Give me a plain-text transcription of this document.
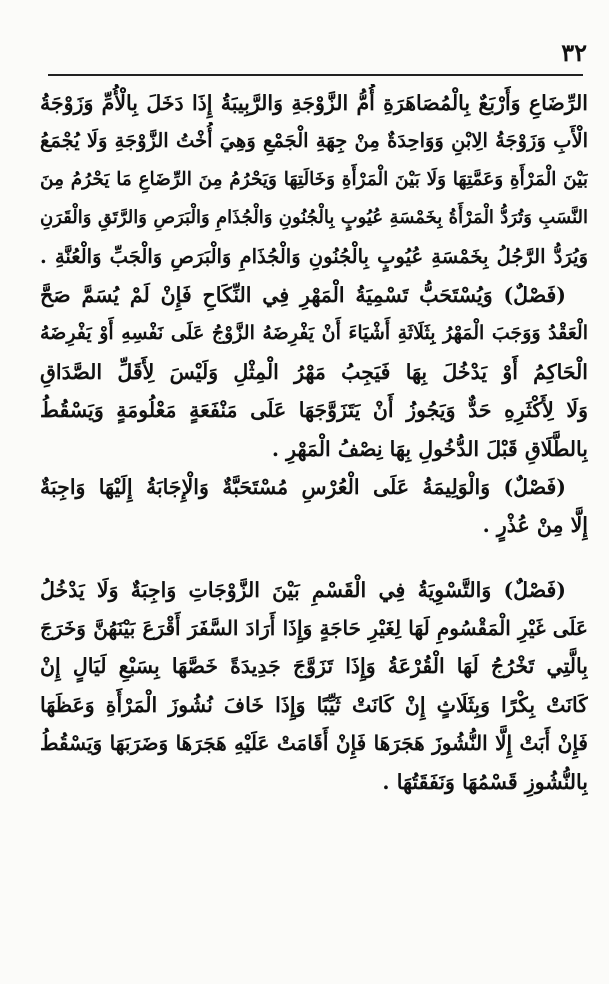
٣٢
الرِّضَاعِ وَأَرْبَعٌ بِالْمُصَاهَرَةِ أُمُّ الزَّوْجَةِ وَالرَّبِيبَةُ إِذَا دَخَلَ بِالْأُمِّ وَزَوْجَةُ
الْأَبِ وَزَوْجَةُ الِابْنِ وَوَاحِدَةٌ مِنْ جِهَةِ الْجَمْعِ وَهِيَ أُخْتُ الزَّوْجَةِ وَلَا يُجْمَعُ
بَيْنَ الْمَرْأَةِ وَعَمَّتِهَا وَلَا بَيْنَ الْمَرْأَةِ وَخَالَتِهَا وَيَحْرُمُ مِنَ الرِّضَاعِ مَا يَحْرُمُ مِنَ
النَّسَبِ وَتُرَدُّ الْمَرْأَةُ بِخَمْسَةِ عُيُوبٍ بِالْجُنُونِ وَالْجُذَامِ وَالْبَرَصِ وَالرَّتَقِ وَالْقَرَنِ
وَيُرَدُّ الرَّجُلُ بِخَمْسَةِ عُيُوبٍ بِالْجُنُونِ وَالْجُذَامِ وَالْبَرَصِ وَالْجَبِّ وَالْعُنَّةِ .
(فَصْلٌ) وَيُسْتَحَبُّ تَسْمِيَةُ الْمَهْرِ فِي النِّكَاحِ فَإِنْ لَمْ يُسَمَّ صَحَّ
الْعَقْدُ وَوَجَبَ الْمَهْرُ بِثَلَاثَةِ أَشْيَاءَ أَنْ يَفْرِضَهُ الزَّوْجُ عَلَى نَفْسِهِ أَوْ يَفْرِضَهُ
الْحَاكِمُ أَوْ يَدْخُلَ بِهَا فَيَجِبُ مَهْرُ الْمِثْلِ وَلَيْسَ لِأَقَلِّ الصَّدَاقِ
وَلَا لِأَكْثَرِهِ حَدٌّ وَيَجُوزُ أَنْ يَتَزَوَّجَهَا عَلَى مَنْفَعَةٍ مَعْلُومَةٍ وَيَسْقُطُ
بِالطَّلَاقِ قَبْلَ الدُّخُولِ بِهَا نِصْفُ الْمَهْرِ .
(فَصْلٌ) وَالْوَلِيمَةُ عَلَى الْعُرْسِ مُسْتَحَبَّةٌ وَالْإِجَابَةُ إِلَيْهَا وَاجِبَةٌ
إِلَّا مِنْ عُذْرٍ .
(فَصْلٌ) وَالتَّسْوِيَةُ فِي الْقَسْمِ بَيْنَ الزَّوْجَاتِ وَاجِبَةٌ وَلَا يَدْخُلُ
عَلَى غَيْرِ الْمَقْسُومِ لَهَا لِغَيْرِ حَاجَةٍ وَإِذَا أَرَادَ السَّفَرَ أَقْرَعَ بَيْنَهُنَّ وَخَرَجَ
بِالَّتِي تَخْرُجُ لَهَا الْقُرْعَةُ وَإِذَا تَزَوَّجَ جَدِيدَةً خَصَّهَا بِسَبْعِ لَيَالٍ إِنْ
كَانَتْ بِكْرًا وَبِثَلَاثٍ إِنْ كَانَتْ ثَيِّبًا وَإِذَا خَافَ نُشُوزَ الْمَرْأَةِ وَعَظَهَا
فَإِنْ أَبَتْ إِلَّا النُّشُوزَ هَجَرَهَا فَإِنْ أَقَامَتْ عَلَيْهِ هَجَرَهَا وَضَرَبَهَا وَيَسْقُطُ
بِالنُّشُوزِ قَسْمُهَا وَنَفَقَتُهَا .
